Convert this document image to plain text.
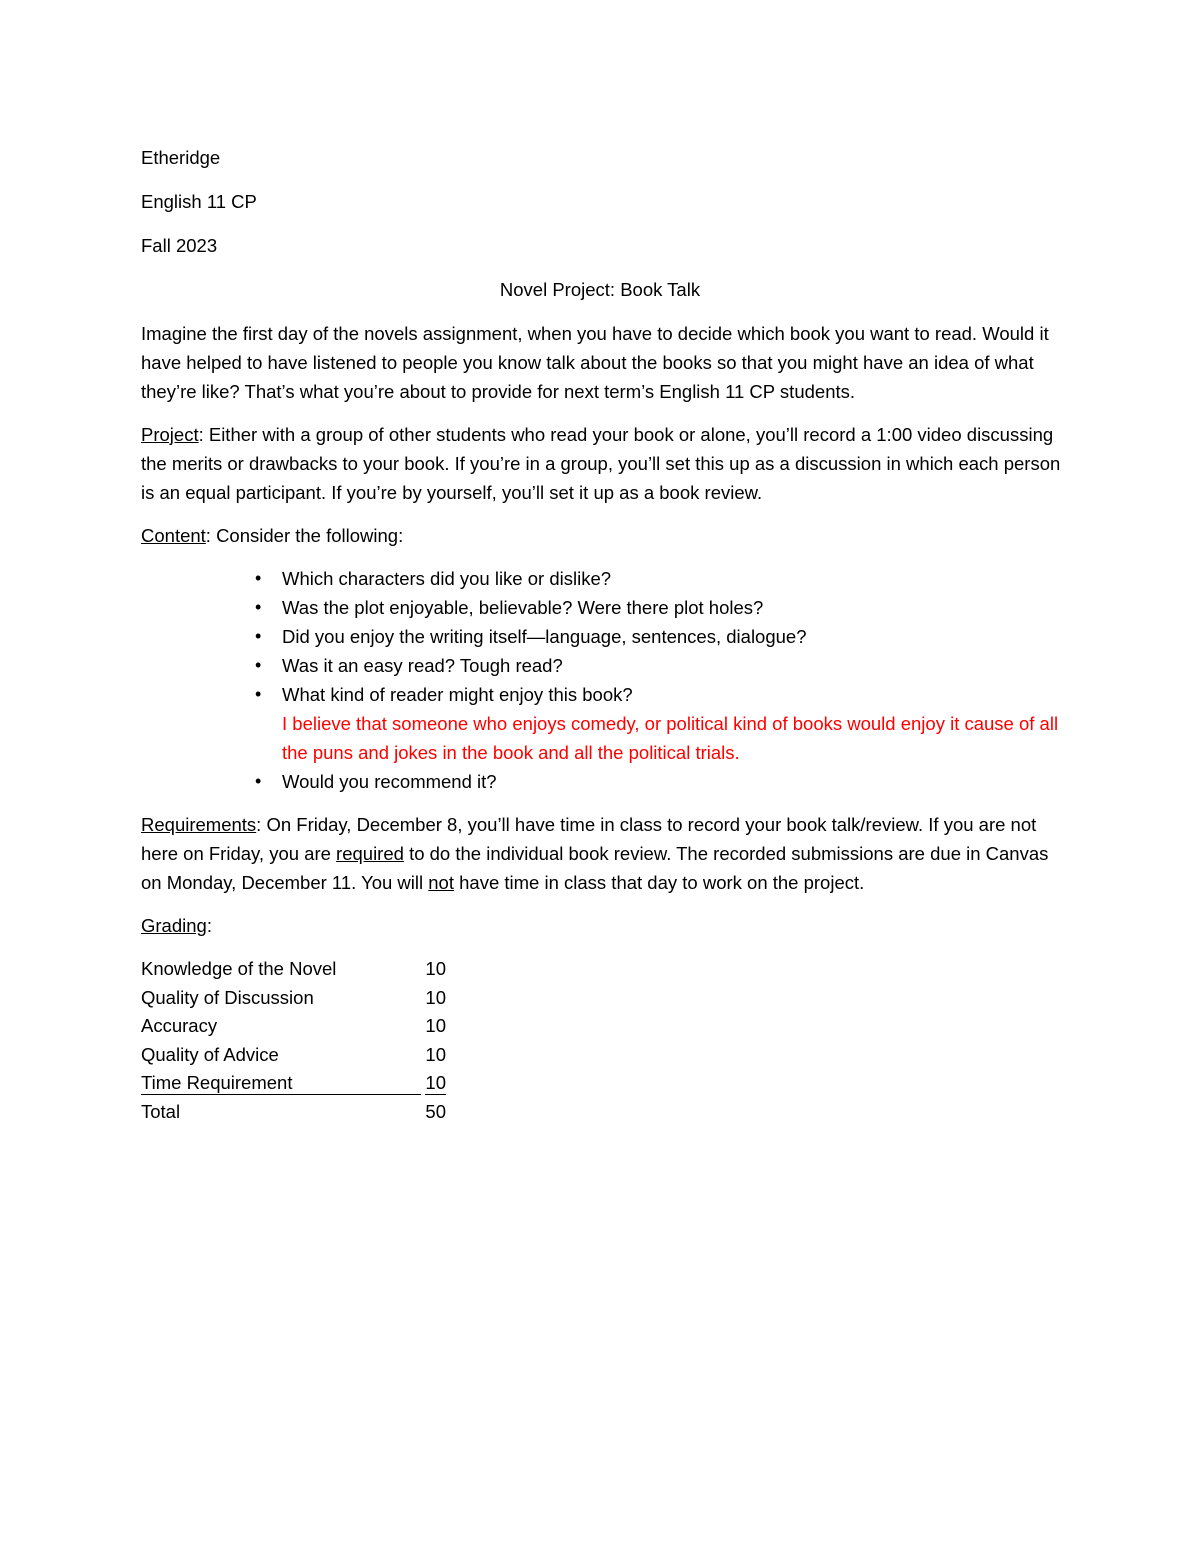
Etheridge

English 11 CP

Fall 2023

Novel Project: Book Talk

Imagine the first day of the novels assignment, when you have to decide which book you want to read. Would it have helped to have listened to people you know talk about the books so that you might have an idea of what they’re like? That’s what you’re about to provide for next term’s English 11 CP students.

Project: Either with a group of other students who read your book or alone, you’ll record a 1:00 video discussing the merits or drawbacks to your book. If you’re in a group, you’ll set this up as a discussion in which each person is an equal participant. If you’re by yourself, you’ll set it up as a book review.

Content: Consider the following:

• Which characters did you like or dislike?
• Was the plot enjoyable, believable? Were there plot holes?
• Did you enjoy the writing itself—language, sentences, dialogue?
• Was it an easy read? Tough read?
• What kind of reader might enjoy this book?
I believe that someone who enjoys comedy, or political kind of books would enjoy it cause of all the puns and jokes in the book and all the political trials.
• Would you recommend it?

Requirements: On Friday, December 8, you’ll have time in class to record your book talk/review. If you are not here on Friday, you are required to do the individual book review. The recorded submissions are due in Canvas on Monday, December 11. You will not have time in class that day to work on the project.

Grading:

Knowledge of the Novel	10
Quality of Discussion	10
Accuracy	10
Quality of Advice	10
Time Requirement	10
Total	50
